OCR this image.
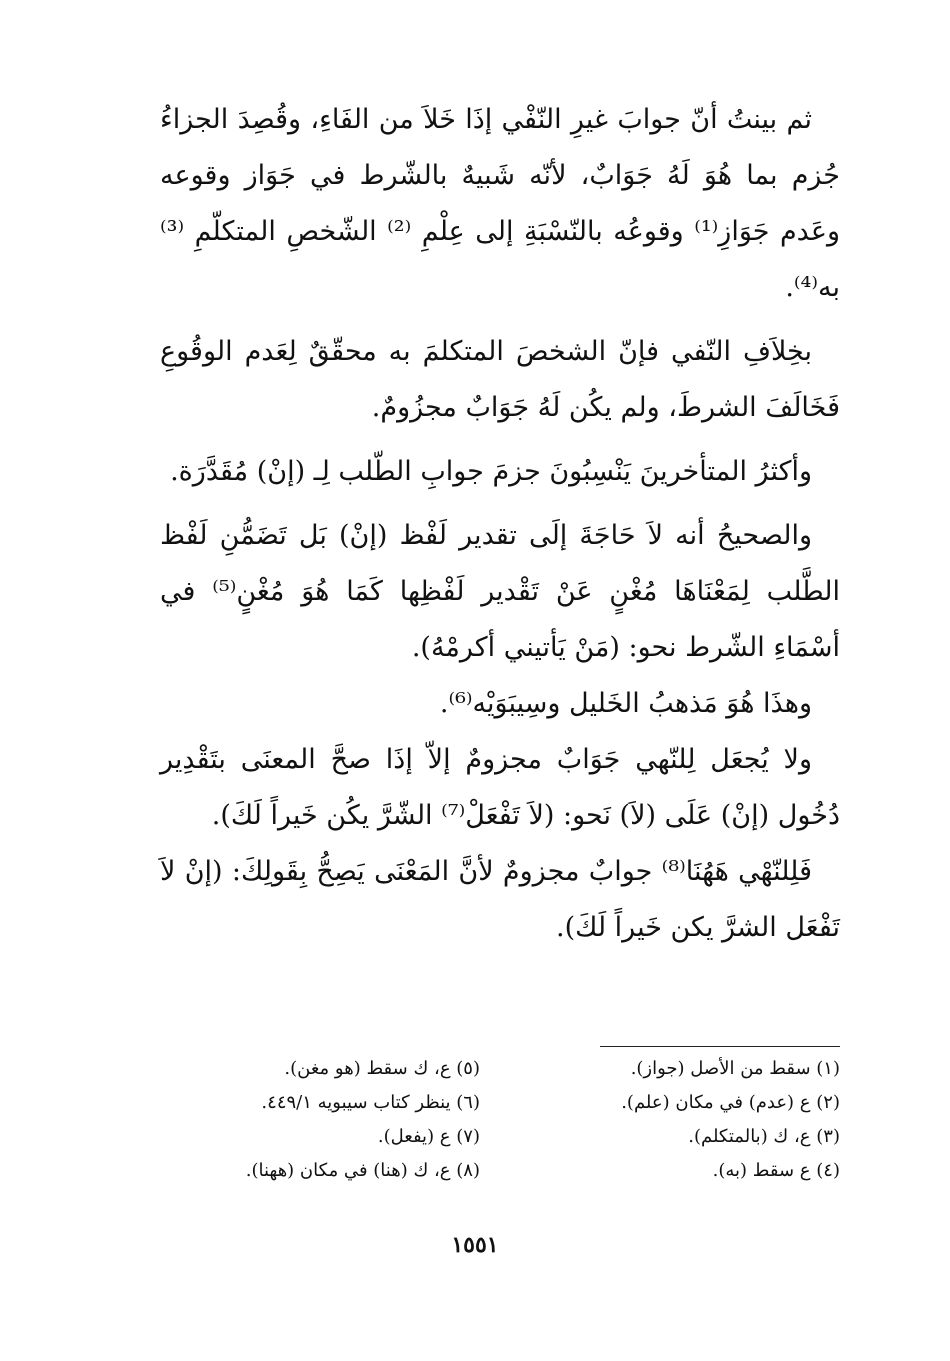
ثم بينتُ أنّ جوابَ غيرِ النّفْي إذَا خَلاَ من الفَاءِ، وقُصِدَ الجزاءُ جُزم بما هُوَ لَهُ جَوَابٌ، لأنّه شَبيهٌ بالشّرط في جَوَاز وقوعه وعَدم جَوَازِ⁽¹⁾ وقوعُه بالنّسْبَةِ إلى عِلْمِ ⁽²⁾ الشّخصِ المتكلّمِ ⁽³⁾ به⁽⁴⁾.

بخِلاَفِ النّفي فإنّ الشخصَ المتكلمَ به محقّقٌ لِعَدم الوقُوعِ فَخَالَفَ الشرطَ، ولم يكُن لَهُ جَوَابٌ مجزُومٌ.

وأكثرُ المتأخرينَ يَنْسِبُونَ جزمَ جوابِ الطّلب لِـ (إنْ) مُقَدَّرَة.

والصحيحُ أنه لاَ حَاجَةَ إلَى تقدير لَفْظ (إنْ) بَل تَضَمُّنِ لَفْظ الطَّلب لِمَعْنَاهَا مُغْنٍ عَنْ تَقْدير لَفْظِها كَمَا هُوَ مُغْنٍ⁽⁵⁾ في أسْمَاءِ الشّرط نحو: (مَنْ يَأتيني أكرمْهُ).

وهذَا هُوَ مَذهبُ الخَليل وسِيبَوَيْه⁽⁶⁾.

ولا يُجعَل لِلنّهي جَوَابٌ مجزومٌ إلاّ إذَا صحَّ المعنَى بتَقْدِير دُخُول (إنْ) عَلَى (لاَ) نَحو: (لاَ تَفْعَلْ⁽⁷⁾ الشّرَّ يكُن خَيراً لَكَ).

فَلِلنّهْي هَهُنَا⁽⁸⁾ جوابٌ مجزومٌ لأنَّ المَعْنَى يَصِحُّ بِقَولِكَ: (إنْ لاَ تَفْعَل الشرَّ يكن خَيراً لَكَ).

(١) سقط من الأصل (جواز).
(٥) ع، ك سقط (هو مغن).
(٢) ع (عدم) في مكان (علم).
(٦) ينظر كتاب سيبويه ٤٤٩/١.
(٣) ع، ك (بالمتكلم).
(٧) ع (يفعل).
(٤) ع سقط (به).
(٨) ع، ك (هنا) في مكان (ههنا).
١٥٥١
